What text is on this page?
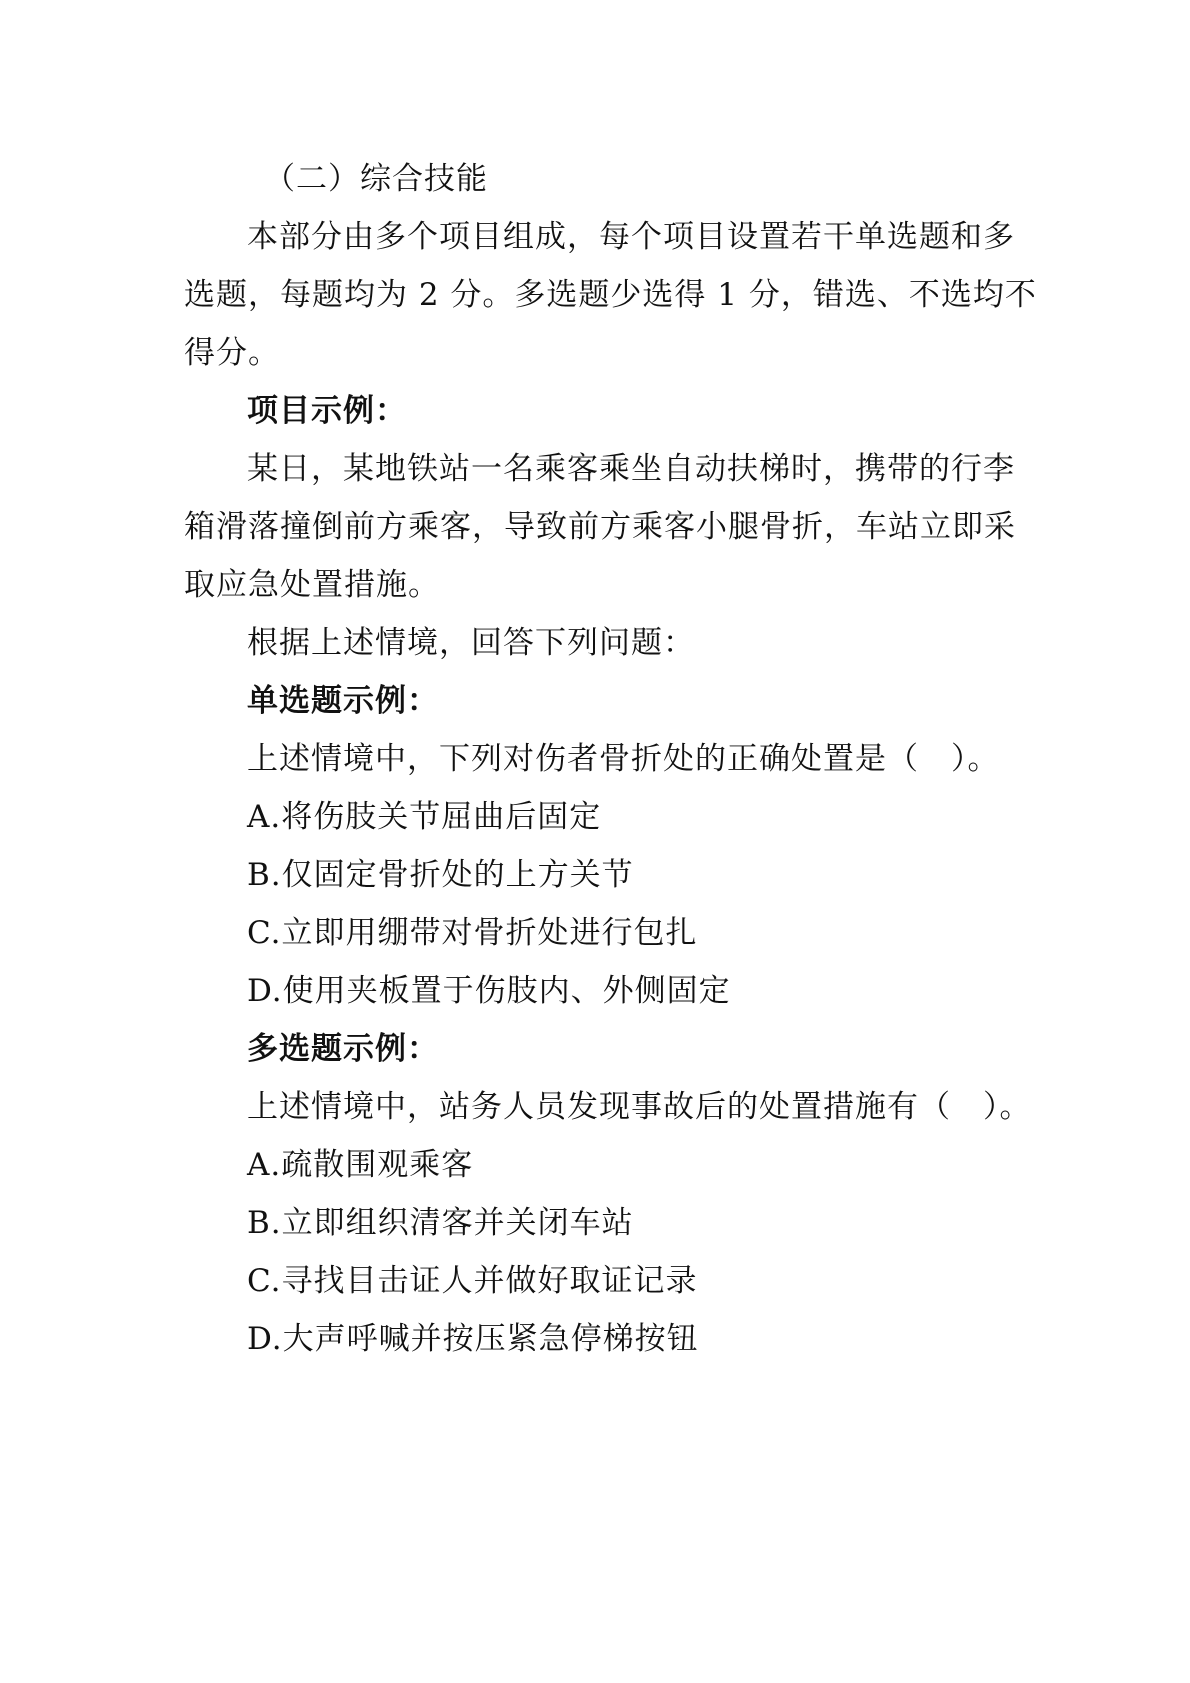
（二）综合技能
本部分由多个项目组成，每个项目设置若干单选题和多
选题，每题均为 2 分。多选题少选得 1 分，错选、不选均不
得分。
项目示例：
某日，某地铁站一名乘客乘坐自动扶梯时，携带的行李
箱滑落撞倒前方乘客，导致前方乘客小腿骨折，车站立即采
取应急处置措施。
根据上述情境，回答下列问题：
单选题示例：
上述情境中，下列对伤者骨折处的正确处置是（　）。
A.将伤肢关节屈曲后固定
B.仅固定骨折处的上方关节
C.立即用绷带对骨折处进行包扎
D.使用夹板置于伤肢内、外侧固定
多选题示例：
上述情境中，站务人员发现事故后的处置措施有（　）。
A.疏散围观乘客
B.立即组织清客并关闭车站
C.寻找目击证人并做好取证记录
D.大声呼喊并按压紧急停梯按钮
